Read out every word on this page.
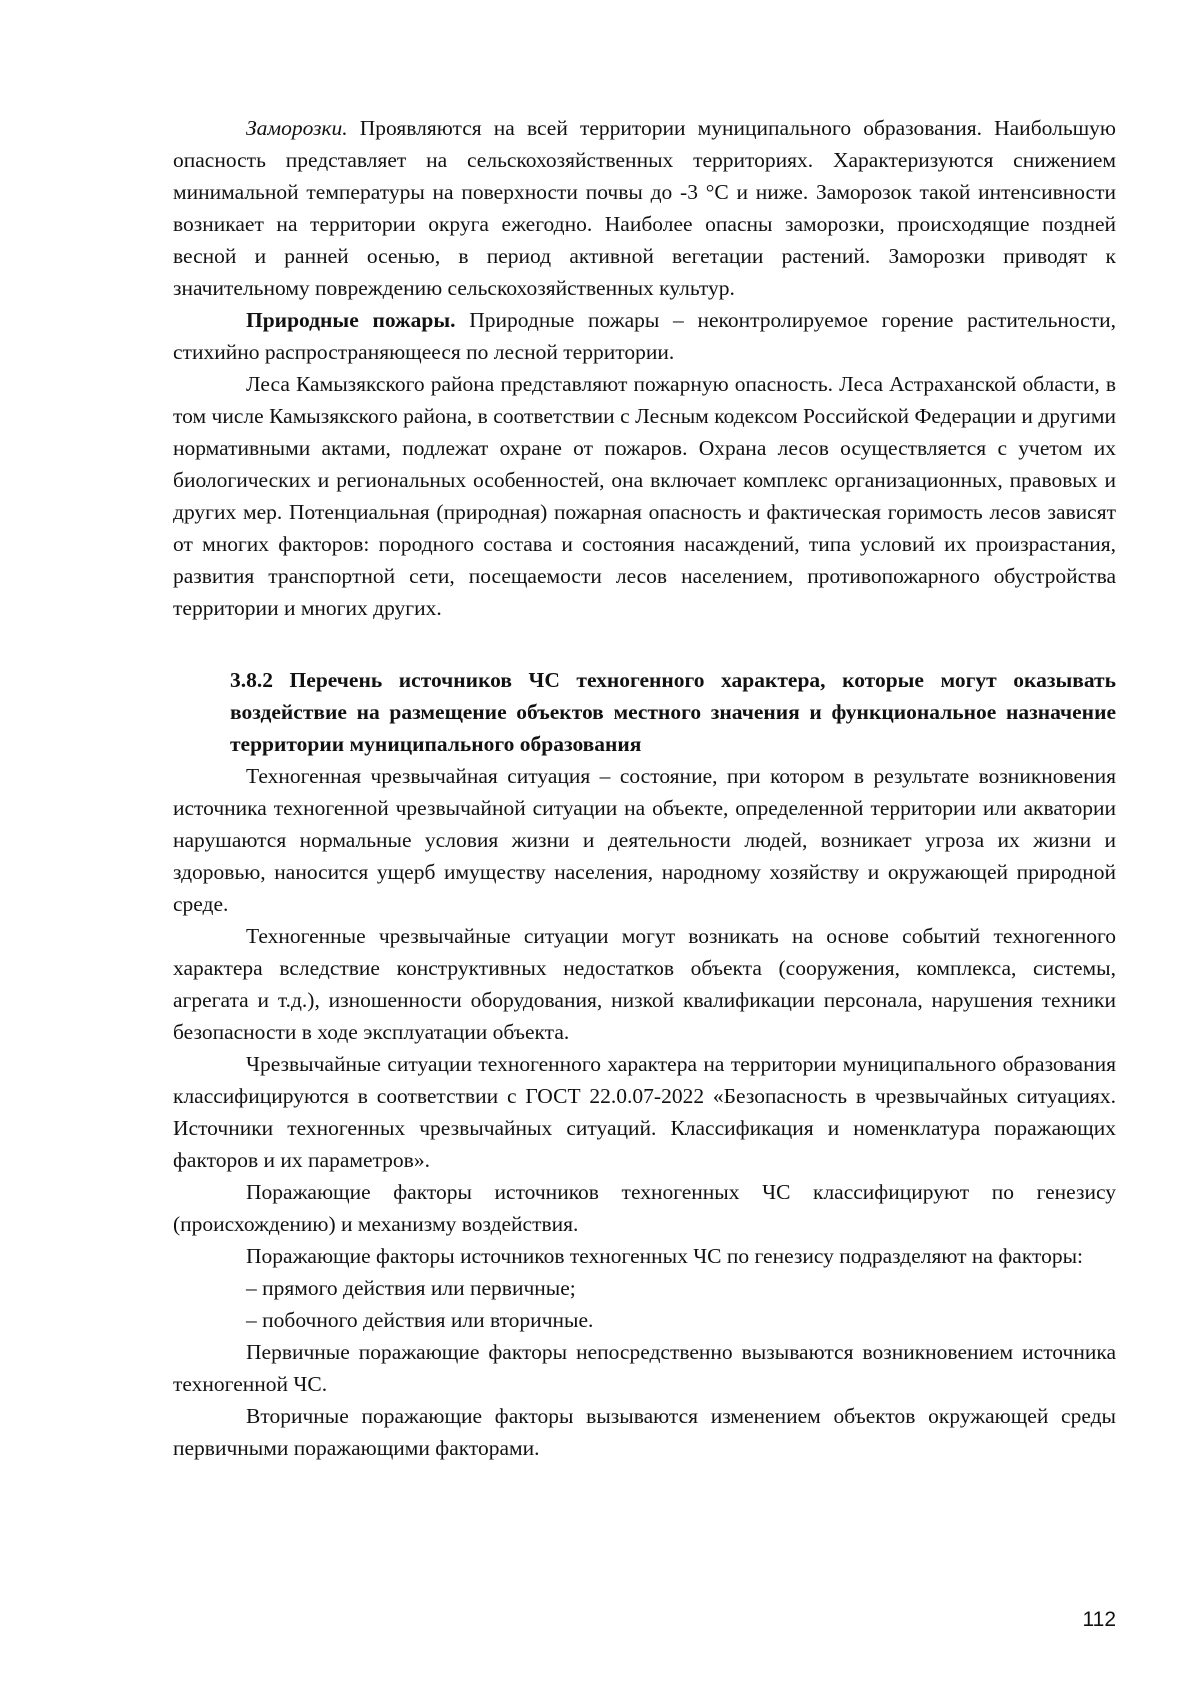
Заморозки. Проявляются на всей территории муниципального образования. Наибольшую опасность представляет на сельскохозяйственных территориях. Характеризуются снижением минимальной температуры на поверхности почвы до -3 °С и ниже. Заморозок такой интенсивности возникает на территории округа ежегодно. Наиболее опасны заморозки, происходящие поздней весной и ранней осенью, в период активной вегетации растений. Заморозки приводят к значительному повреждению сельскохозяйственных культур.

Природные пожары. Природные пожары – неконтролируемое горение растительности, стихийно распространяющееся по лесной территории.

Леса Камызякского района представляют пожарную опасность. Леса Астраханской области, в том числе Камызякского района, в соответствии с Лесным кодексом Российской Федерации и другими нормативными актами, подлежат охране от пожаров. Охрана лесов осуществляется с учетом их биологических и региональных особенностей, она включает комплекс организационных, правовых и других мер. Потенциальная (природная) пожарная опасность и фактическая горимость лесов зависят от многих факторов: породного состава и состояния насаждений, типа условий их произрастания, развития транспортной сети, посещаемости лесов населением, противопожарного обустройства территории и многих других.

3.8.2 Перечень источников ЧС техногенного характера, которые могут оказывать воздействие на размещение объектов местного значения и функциональное назначение территории муниципального образования

Техногенная чрезвычайная ситуация – состояние, при котором в результате возникновения источника техногенной чрезвычайной ситуации на объекте, определенной территории или акватории нарушаются нормальные условия жизни и деятельности людей, возникает угроза их жизни и здоровью, наносится ущерб имуществу населения, народному хозяйству и окружающей природной среде.

Техногенные чрезвычайные ситуации могут возникать на основе событий техногенного характера вследствие конструктивных недостатков объекта (сооружения, комплекса, системы, агрегата и т.д.), изношенности оборудования, низкой квалификации персонала, нарушения техники безопасности в ходе эксплуатации объекта.

Чрезвычайные ситуации техногенного характера на территории муниципального образования классифицируются в соответствии с ГОСТ 22.0.07-2022 «Безопасность в чрезвычайных ситуациях. Источники техногенных чрезвычайных ситуаций. Классификация и номенклатура поражающих факторов и их параметров».

Поражающие факторы источников техногенных ЧС классифицируют по генезису (происхождению) и механизму воздействия.

Поражающие факторы источников техногенных ЧС по генезису подразделяют на факторы:

– прямого действия или первичные;

– побочного действия или вторичные.

Первичные поражающие факторы непосредственно вызываются возникновением источника техногенной ЧС.

Вторичные поражающие факторы вызываются изменением объектов окружающей среды первичными поражающими факторами.

112
